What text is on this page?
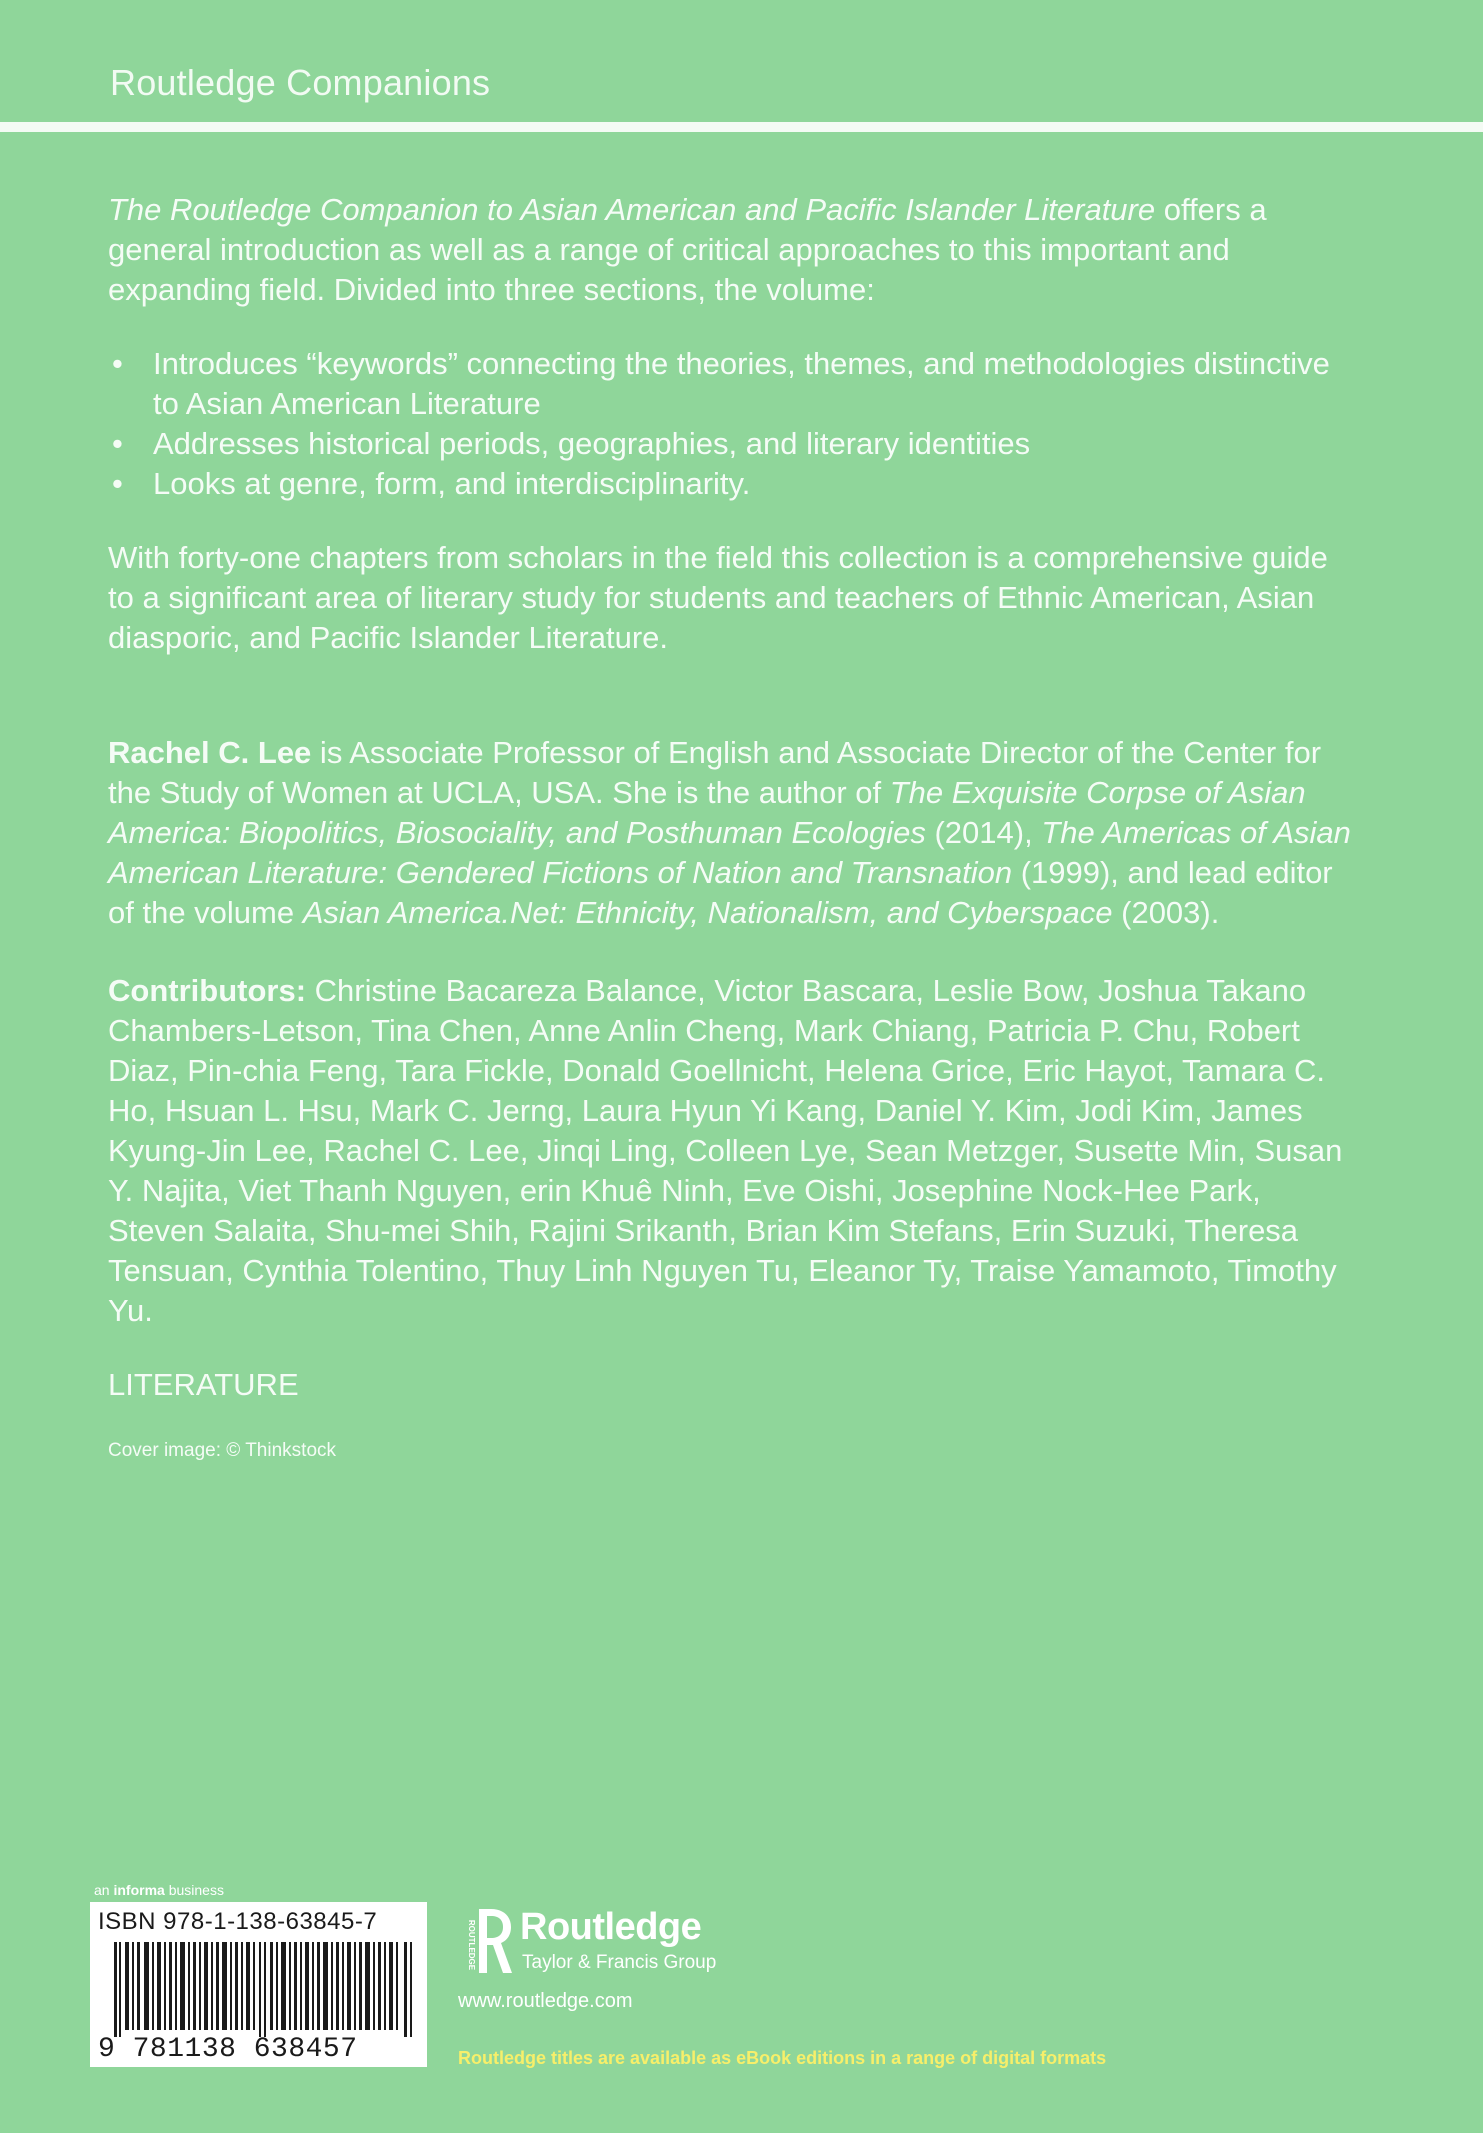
Routledge Companions

The Routledge Companion to Asian American and Pacific Islander Literature offers a general introduction as well as a range of critical approaches to this important and expanding field. Divided into three sections, the volume:

• Introduces “keywords” connecting the theories, themes, and methodologies distinctive to Asian American Literature
• Addresses historical periods, geographies, and literary identities
• Looks at genre, form, and interdisciplinarity.

With forty-one chapters from scholars in the field this collection is a comprehensive guide to a significant area of literary study for students and teachers of Ethnic American, Asian diasporic, and Pacific Islander Literature.

Rachel C. Lee is Associate Professor of English and Associate Director of the Center for the Study of Women at UCLA, USA. She is the author of The Exquisite Corpse of Asian America: Biopolitics, Biosociality, and Posthuman Ecologies (2014), The Americas of Asian American Literature: Gendered Fictions of Nation and Transnation (1999), and lead editor of the volume Asian America.Net: Ethnicity, Nationalism, and Cyberspace (2003).

Contributors: Christine Bacareza Balance, Victor Bascara, Leslie Bow, Joshua Takano Chambers-Letson, Tina Chen, Anne Anlin Cheng, Mark Chiang, Patricia P. Chu, Robert Diaz, Pin-chia Feng, Tara Fickle, Donald Goellnicht, Helena Grice, Eric Hayot, Tamara C. Ho, Hsuan L. Hsu, Mark C. Jerng, Laura Hyun Yi Kang, Daniel Y. Kim, Jodi Kim, James Kyung-Jin Lee, Rachel C. Lee, Jinqi Ling, Colleen Lye, Sean Metzger, Susette Min, Susan Y. Najita, Viet Thanh Nguyen, erin Khuê Ninh, Eve Oishi, Josephine Nock-Hee Park, Steven Salaita, Shu-mei Shih, Rajini Srikanth, Brian Kim Stefans, Erin Suzuki, Theresa Tensuan, Cynthia Tolentino, Thuy Linh Nguyen Tu, Eleanor Ty, Traise Yamamoto, Timothy Yu.

LITERATURE

Cover image: © Thinkstock

an informa business
ISBN 978-1-138-63845-7
9 781138 638457
ROUTLEDGE Routledge
Taylor & Francis Group
www.routledge.com
Routledge titles are available as eBook editions in a range of digital formats
